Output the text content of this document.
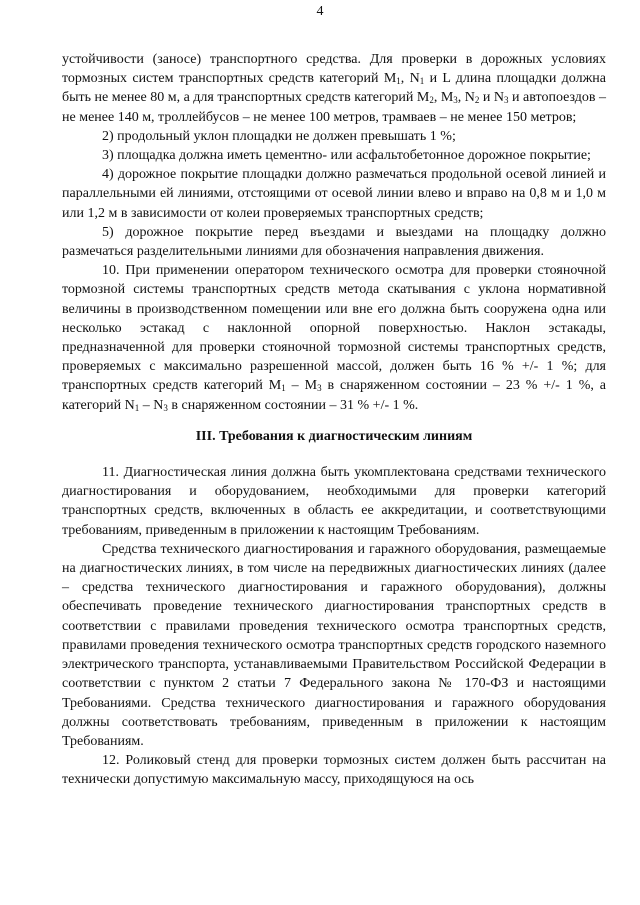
4

устойчивости (заносе) транспортного средства. Для проверки в дорожных условиях тормозных систем транспортных средств категорий $M_1$, $N_1$ и L длина площадки должна быть не менее 80 м, а для транспортных средств категорий $M_2$, $M_3$, $N_2$ и $N_3$ и автопоездов – не менее 140 м, троллейбусов – не менее 100 метров, трамваев – не менее 150 метров;

2) продольный уклон площадки не должен превышать 1 %;

3) площадка должна иметь цементно- или асфальтобетонное дорожное покрытие;

4) дорожное покрытие площадки должно размечаться продольной осевой линией и параллельными ей линиями, отстоящими от осевой линии влево и вправо на 0,8 м и 1,0 м или 1,2 м в зависимости от колеи проверяемых транспортных средств;

5) дорожное покрытие перед въездами и выездами на площадку должно размечаться разделительными линиями для обозначения направления движения.

10. При применении оператором технического осмотра для проверки стояночной тормозной системы транспортных средств метода скатывания с уклона нормативной величины в производственном помещении или вне его должна быть сооружена одна или несколько эстакад с наклонной опорной поверхностью. Наклон эстакады, предназначенной для проверки стояночной тормозной системы транспортных средств, проверяемых с максимально разрешенной массой, должен быть 16 % +/- 1 %; для транспортных средств категорий $M_1 - M_3$ в снаряженном состоянии – 23 % +/- 1 %, а категорий $N_1 - N_3$ в снаряженном состоянии – 31 % +/- 1 %.

III. Требования к диагностическим линиям

11. Диагностическая линия должна быть укомплектована средствами технического диагностирования и оборудованием, необходимыми для проверки категорий транспортных средств, включенных в область ее аккредитации, и соответствующими требованиям, приведенным в приложении к настоящим Требованиям.

Средства технического диагностирования и гаражного оборудования, размещаемые на диагностических линиях, в том числе на передвижных диагностических линиях (далее – средства технического диагностирования и гаражного оборудования), должны обеспечивать проведение технического диагностирования транспортных средств в соответствии с правилами проведения технического осмотра транспортных средств, правилами проведения технического осмотра транспортных средств городского наземного электрического транспорта, устанавливаемыми Правительством Российской Федерации в соответствии с пунктом 2 статьи 7 Федерального закона № 170-ФЗ и настоящими Требованиями. Средства технического диагностирования и гаражного оборудования должны соответствовать требованиям, приведенным в приложении к настоящим Требованиям.

12. Роликовый стенд для проверки тормозных систем должен быть рассчитан на технически допустимую максимальную массу, приходящуюся на ось
